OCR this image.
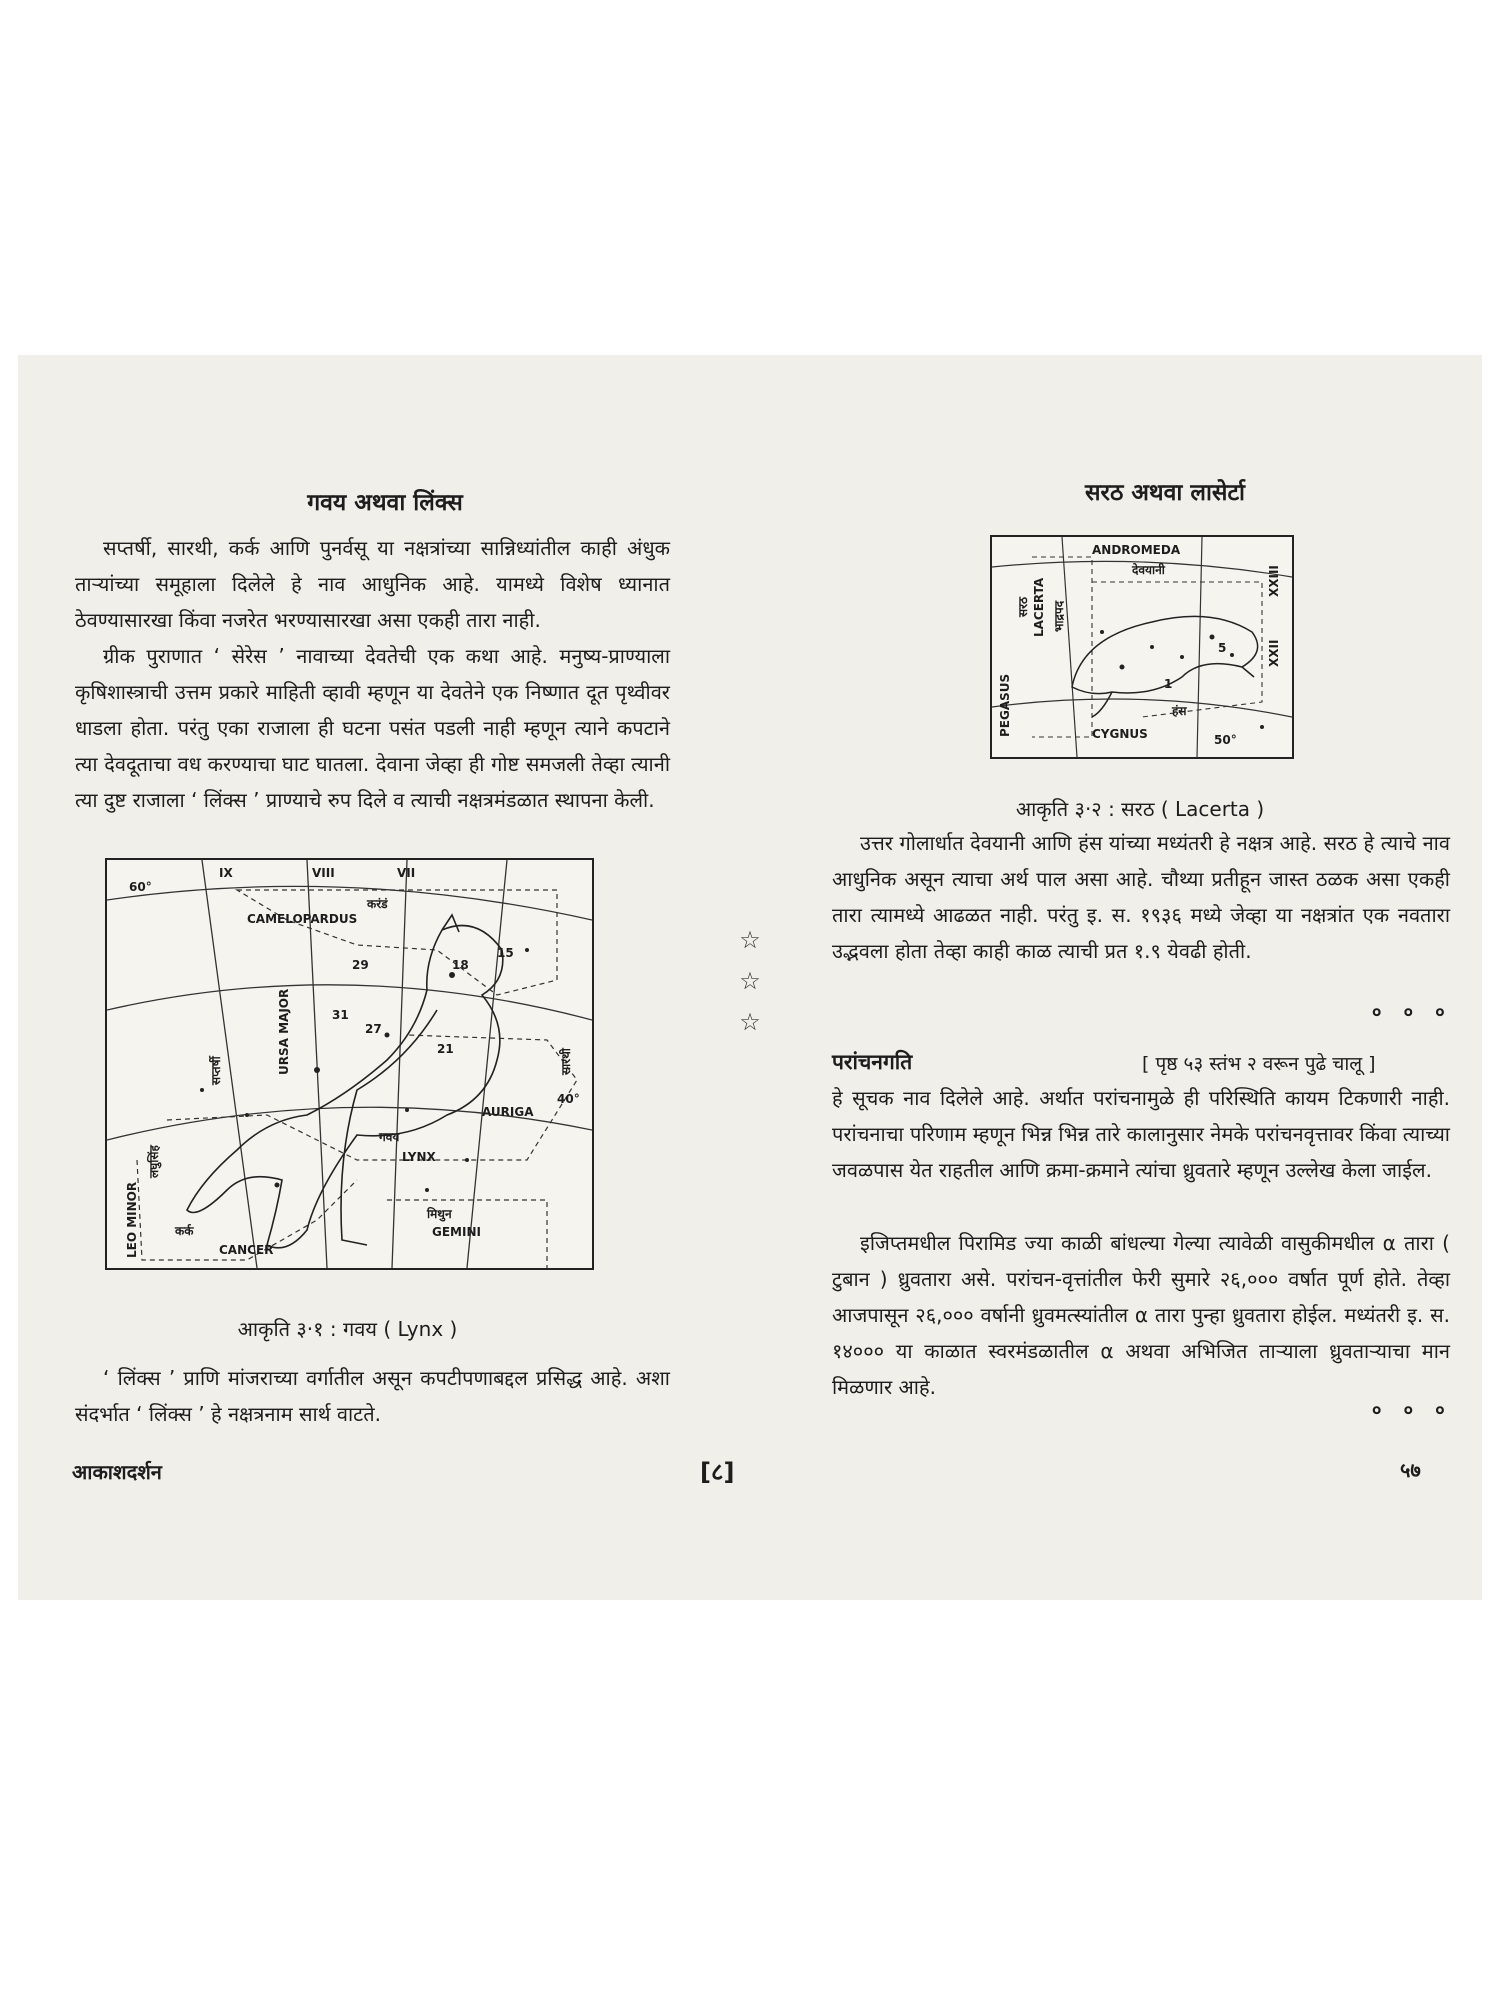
गवय अथवा लिंक्स

सप्तर्षी, सारथी, कर्क आणि पुनर्वसू या नक्षत्रांच्या सान्निध्यांतील काही अंधुक ताऱ्यांच्या समूहाला दिलेले हे नाव आधुनिक आहे. यामध्ये विशेष ध्यानात ठेवण्यासारखा किंवा नजरेत भरण्यासारखा असा एकही तारा नाही.

ग्रीक पुराणात ‘ सेरेस ’ नावाच्या देवतेची एक कथा आहे. मनुष्य-प्राण्याला कृषिशास्त्राची उत्तम प्रकारे माहिती व्हावी म्हणून या देवतेने एक निष्णात दूत पृथ्वीवर धाडला होता. परंतु एका राजाला ही घटना पसंत पडली नाही म्हणून त्याने कपटाने त्या देवदूताचा वध करण्याचा घाट घातला. देवाना जेव्हा ही गोष्ट समजली तेव्हा त्यानी त्या दुष्ट राजाला ‘ लिंक्स ’ प्राण्याचे रुप दिले व त्याची नक्षत्रमंडळात स्थापना केली.

CAMELOPARDUS
करंडं
VIII	VII
IX
60°
40°
18
15
21
31
27
29
URSA MAJOR
सप्तर्षी	सारथी
AURIGA
गवय
LYNX
LEO MINOR
लघुसिंह
कर्क
CANCER
मिथुन
GEMINI
आकृति ३·१ : गवय ( Lynx )

‘ लिंक्स ’ प्राणि मांजराच्या वर्गातील असून कपटीपणाबद्दल प्रसिद्ध आहे. अशा संदर्भात ‘ लिंक्स ’ हे नक्षत्रनाम सार्थ वाटते.

आकाशदर्शन
☆
☆
☆
[८]
सरठ अथवा लासेर्टा
ANDROMEDA
देवयानी
सरठ LACERTA भाद्रपद
PEGASUS	हंस
CYGNUS
XXIII
XXII
5
1
50°
आकृति ३·२ : सरठ ( Lacerta )

उत्तर गोलार्धात देवयानी आणि हंस यांच्या मध्यंतरी हे नक्षत्र आहे. सरठ हे त्याचे नाव आधुनिक असून त्याचा अर्थ पाल असा आहे. चौथ्या प्रतीहून जास्त ठळक असा एकही तारा त्यामध्ये आढळत नाही. परंतु इ. स. १९३६ मध्ये जेव्हा या नक्षत्रांत एक नवतारा उद्भवला होता तेव्हा काही काळ त्याची प्रत १.९ येवढी होती.

० ० ०
परांचनगति	[ पृष्ठ ५३ स्तंभ २ वरून पुढे चालू ]

हे सूचक नाव दिलेले आहे. अर्थात परांचनामुळे ही परिस्थिति कायम टिकणारी नाही. परांचनाचा परिणाम म्हणून भिन्न भिन्न तारे कालानुसार नेमके परांचनवृत्तावर किंवा त्याच्या जवळपास येत राहतील आणि क्रमा-क्रमाने त्यांचा ध्रुवतारे म्हणून उल्लेख केला जाईल.

इजिप्तमधील पिरामिड ज्या काळी बांधल्या गेल्या त्यावेळी वासुकीमधील α तारा ( टुबान ) ध्रुवतारा असे. परांचन-वृत्तांतील फेरी सुमारे २६,००० वर्षात पूर्ण होते. तेव्हा आजपासून २६,००० वर्षानी ध्रुवमत्स्यांतील α तारा पुन्हा ध्रुवतारा होईल. मध्यंतरी इ. स. १४००० या काळात स्वरमंडळातील α अथवा अभिजित ताऱ्याला ध्रुवताऱ्याचा मान मिळणार आहे.

० ० ०
५७
